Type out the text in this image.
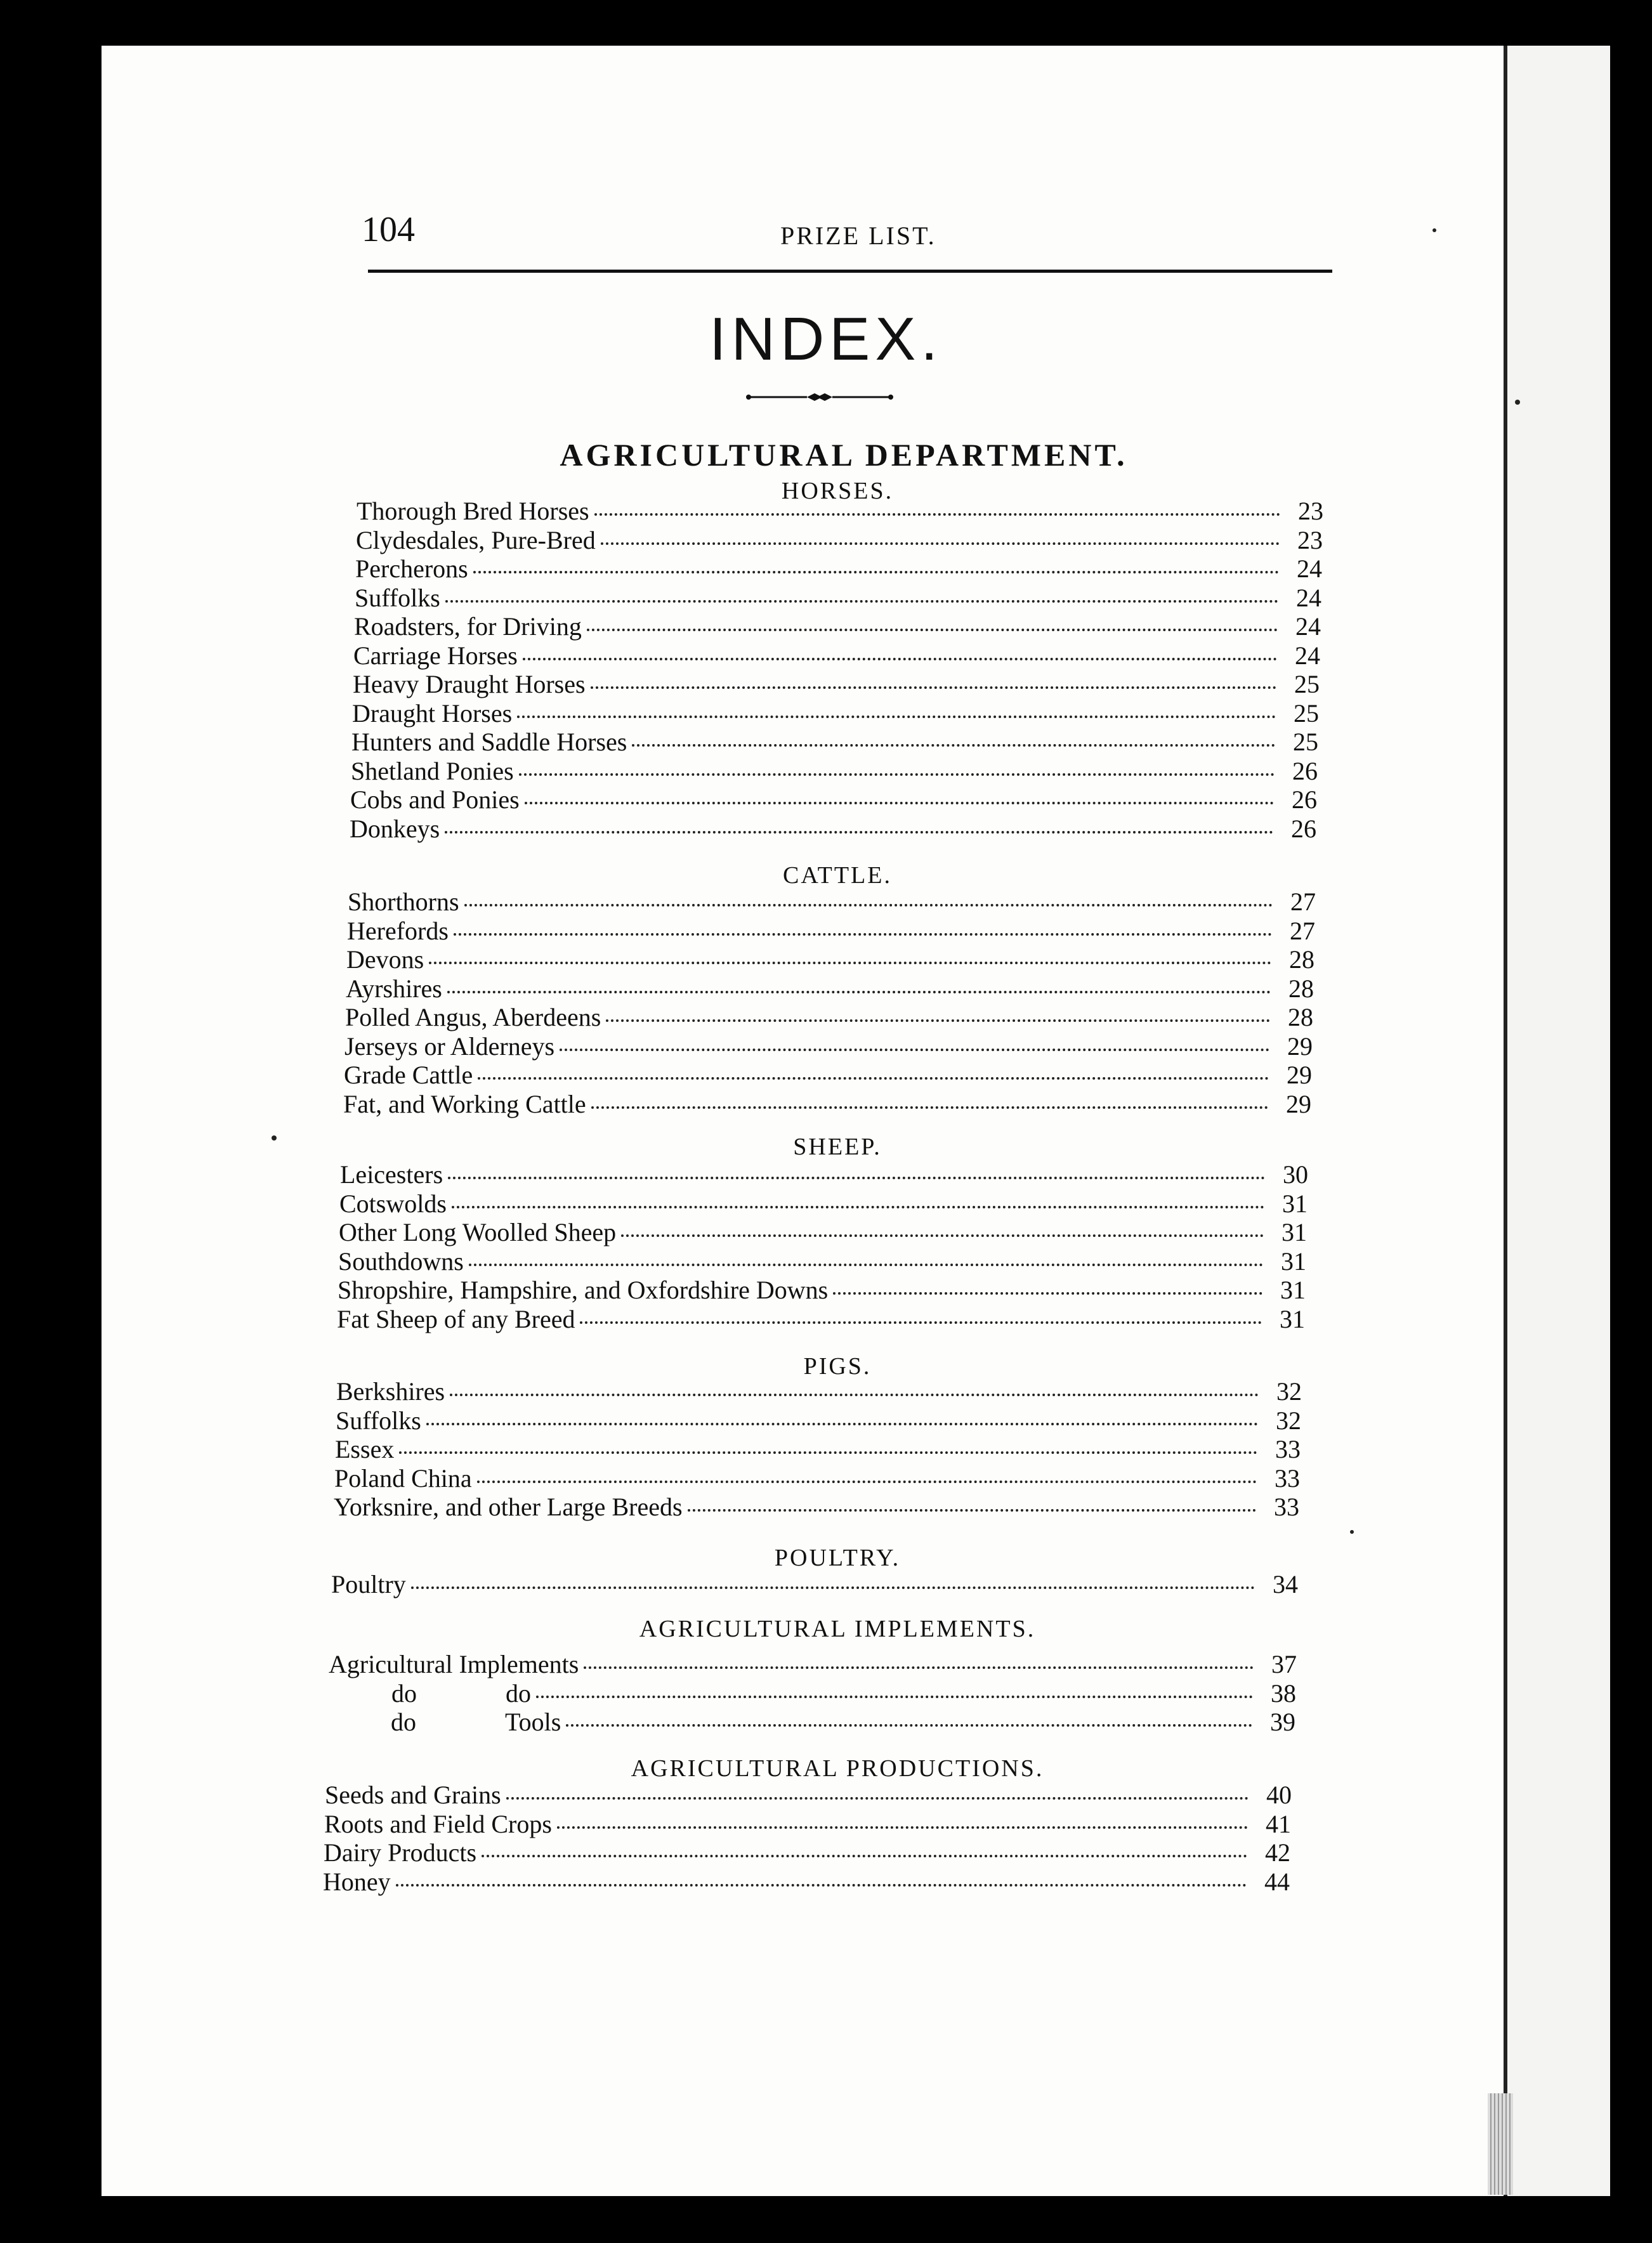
104	PRIZE LIST.
INDEX.
AGRICULTURAL DEPARTMENT.
HORSES.
Thorough Bred Horses	23
Clydesdales, Pure-Bred	23
Percherons	24
Suffolks	24
Roadsters, for Driving	24
Carriage Horses	24
Heavy Draught Horses	25
Draught Horses	25
Hunters and Saddle Horses	25
Shetland Ponies	26
Cobs and Ponies	26
Donkeys	26
CATTLE.
Shorthorns	27
Herefords	27
Devons	28
Ayrshires	28
Polled Angus, Aberdeens	28
Jerseys or Alderneys	29
Grade Cattle	29
Fat, and Working Cattle	29
SHEEP.
Leicesters	30
Cotswolds	31
Other Long Woolled Sheep	31
Southdowns	31
Shropshire, Hampshire, and Oxfordshire Downs	31
Fat Sheep of any Breed	31
PIGS.
Berkshires	32
Suffolks	32
Essex	33
Poland China	33
Yorksnire, and other Large Breeds	33
POULTRY.
Poultry	34
AGRICULTURAL IMPLEMENTS.
Agricultural Implements	37
do	do	38
do	Tools	39
AGRICULTURAL PRODUCTIONS.
Seeds and Grains	40
Roots and Field Crops	41
Dairy Products	42
Honey	44
